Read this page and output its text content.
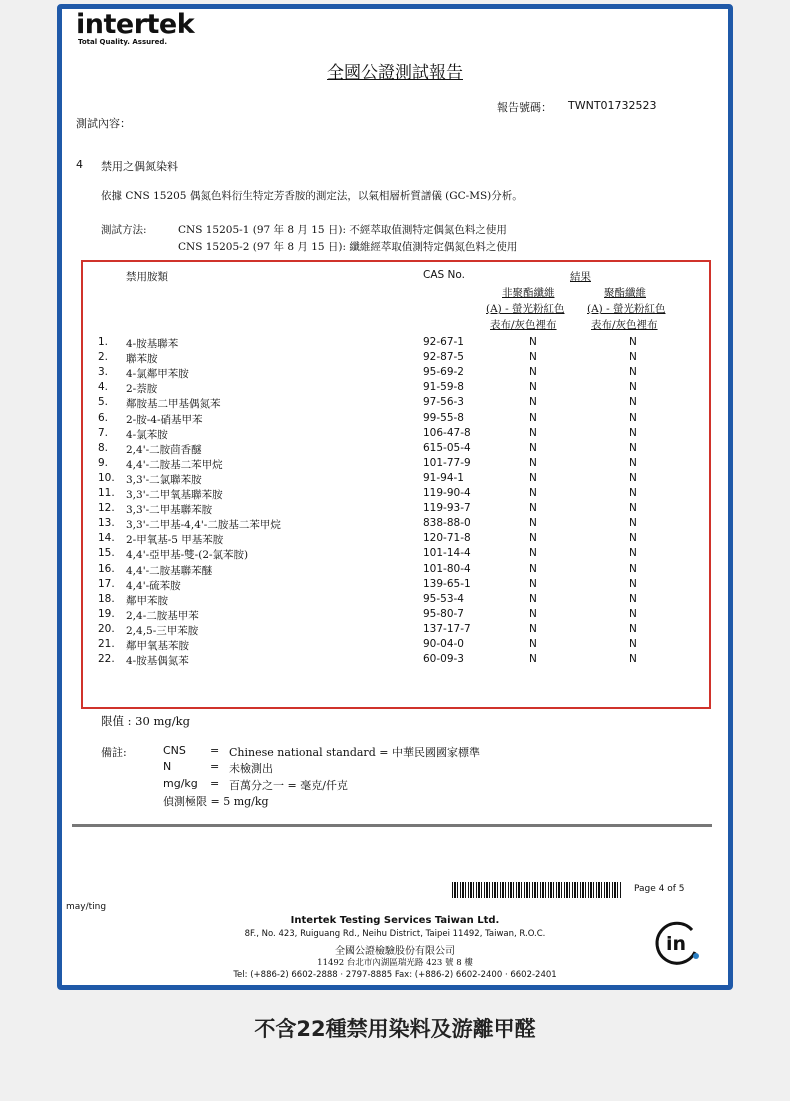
intertek
Total Quality. Assured.
全國公證測試報告
報告號碼： TWNT01732523
測試內容：
4 禁用之偶氮染料
依據 CNS 15205 偶氮色料衍生特定芳香胺的測定法，以氣相層析質譜儀 (GC-MS)分析。
測試方法:	CNS 15205-1 (97 年 8 月 15 日): 不經萃取值測特定偶氮色料之使用
CNS 15205-2 (97 年 8 月 15 日): 纖維經萃取值測特定偶氮色料之使用
禁用胺類	CAS No.	結果
非聚酯纖維	聚酯纖維
(A) - 螢光粉紅色 (A) - 螢光粉紅色
表布/灰色裡布	表布/灰色裡布
1. 4-胺基聯苯	92-67-1	N	N
2. 聯苯胺	92-87-5	N	N
3. 4-氯鄰甲苯胺	95-69-2	N	N
4. 2-萘胺	91-59-8	N	N
5. 鄰胺基二甲基偶氮苯	97-56-3	N	N
6. 2-胺-4-硝基甲苯	99-55-8	N	N
7. 4-氯苯胺	106-47-8	N	N
8. 2,4'-二胺茴香醚	615-05-4	N	N
9. 4,4'-二胺基二苯甲烷	101-77-9	N	N
10. 3,3'-二氯聯苯胺	91-94-1	N	N
11. 3,3'-二甲氧基聯苯胺	119-90-4	N	N
12. 3,3'-二甲基聯苯胺	119-93-7	N	N
13. 3,3'-二甲基-4,4'-二胺基二苯甲烷	838-88-0	N	N
14. 2-甲氧基-5 甲基苯胺	120-71-8	N	N
15. 4,4'-亞甲基-雙-(2-氯苯胺)	101-14-4	N	N
16. 4,4'-二胺基聯苯醚	101-80-4	N	N
17. 4,4'-硫苯胺	139-65-1	N	N
18. 鄰甲苯胺	95-53-4	N	N
19. 2,4-二胺基甲苯	95-80-7	N	N
20. 2,4,5-三甲苯胺	137-17-7	N	N
21. 鄰甲氧基苯胺	90-04-0	N	N
22. 4-胺基偶氮苯	60-09-3	N	N
限值 : 30 mg/kg
備註:	CNS = Chinese national standard = 中華民國國家標準
N	= 未檢測出
mg/kg = 百萬分之一 = 毫克/仟克
偵測極限 = 5 mg/kg
Page 4 of 5
may/ting
Intertek Testing Services Taiwan Ltd.
8F., No. 423, Ruiguang Rd., Neihu District, Taipei 11492, Taiwan, R.O.C.
全國公證檢驗股份有限公司
11492 台北市內湖區瑞光路 423 號 8 樓
Tel: (+886-2) 6602-2888 · 2797-8885 Fax: (+886-2) 6602-2400 · 6602-2401
in
不含22種禁用染料及游離甲醛
